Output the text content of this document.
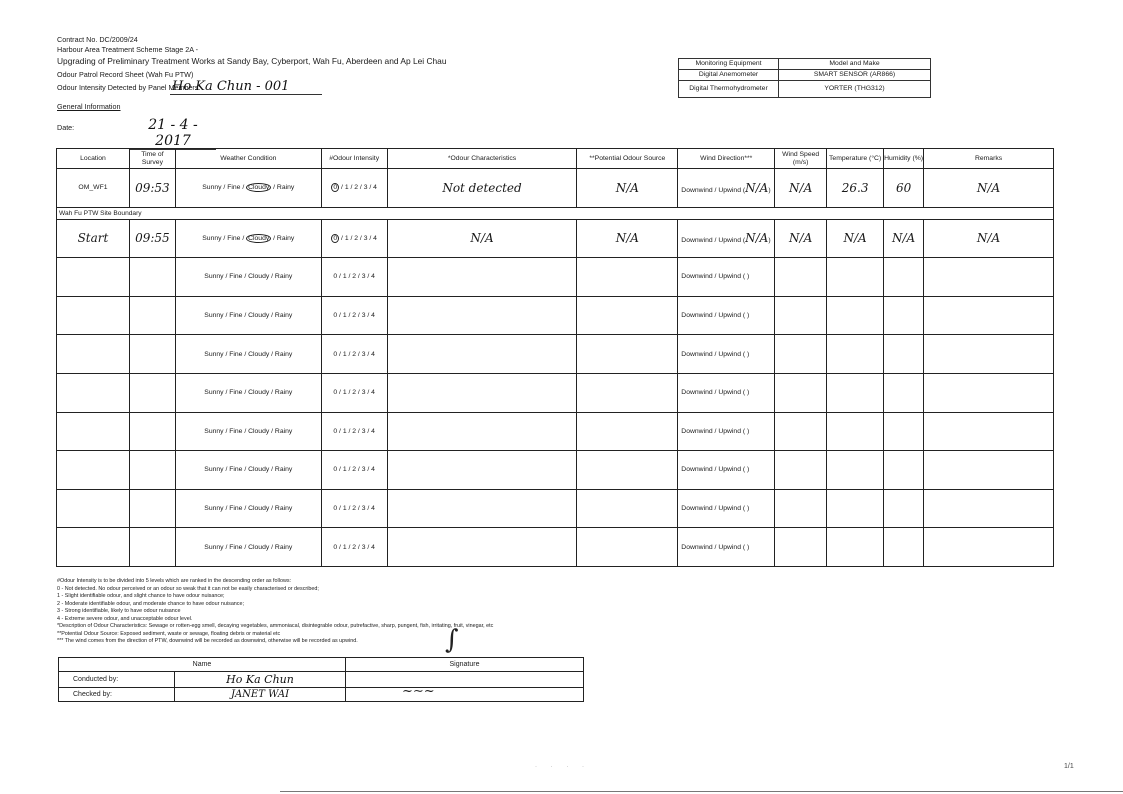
Contract No. DC/2009/24
Harbour Area Treatment Scheme Stage 2A -
Upgrading of Preliminary Treatment Works at Sandy Bay, Cyberport, Wah Fu, Aberdeen and Ap Lei Chau
Odour Patrol Record Sheet (Wah Fu PTW)
Odour Intensity Detected by Panel Members:
Ho Ka Chun - 001
General Information
Date:	21 - 4 - 2017
Monitoring Equipment	Model and Make
Digital Anemometer	SMART SENSOR (AR866)
Digital Thermohydrometer	YORTER (THG312)
Location	Time of Survey	Weather Condition	#Odour Intensity	*Odour Characteristics	**Potential Odour Source	Wind Direction***	Wind Speed (m/s)	Temperature (°C)	Humidity (%)	Remarks
OM_WF1	09:53	Sunny / Fine / Cloudy / Rainy	0 / 1 / 2 / 3 / 4	Not detected	N/A	Downwind / Upwind (N/A)	N/A	26.3	60	N/A
Wah Fu PTW Site Boundary										
Start	09:55	Sunny / Fine / Cloudy / Rainy	0 / 1 / 2 / 3 / 4	N/A	N/A	Downwind / Upwind (N/A)	N/A	N/A	N/A	N/A
		Sunny / Fine / Cloudy / Rainy	0 / 1 / 2 / 3 / 4			Downwind / Upwind ( )				
		Sunny / Fine / Cloudy / Rainy	0 / 1 / 2 / 3 / 4			Downwind / Upwind ( )				
		Sunny / Fine / Cloudy / Rainy	0 / 1 / 2 / 3 / 4			Downwind / Upwind ( )				
		Sunny / Fine / Cloudy / Rainy	0 / 1 / 2 / 3 / 4			Downwind / Upwind ( )				
		Sunny / Fine / Cloudy / Rainy	0 / 1 / 2 / 3 / 4			Downwind / Upwind ( )				
		Sunny / Fine / Cloudy / Rainy	0 / 1 / 2 / 3 / 4			Downwind / Upwind ( )				
		Sunny / Fine / Cloudy / Rainy	0 / 1 / 2 / 3 / 4			Downwind / Upwind ( )				
		Sunny / Fine / Cloudy / Rainy	0 / 1 / 2 / 3 / 4			Downwind / Upwind ( )				
#Odour Intensity is to be divided into 5 levels which are ranked in the descending order as follows:
0 - Not detected. No odour perceived or an odour so weak that it can not be easily characterised or described;
1 - Slight identifiable odour, and slight chance to have odour nuisance;
2 - Moderate identifiable odour, and moderate chance to have odour nuisance;
3 - Strong identifiable, likely to have odour nuisance
4 - Extreme severe odour, and unacceptable odour level.
*Description of Odour Characteristics: Sewage or rotten-egg smell, decaying vegetables, ammoniacal, disintegrable odour, putrefactive, sharp, pungent, fish, irritating, fruit, vinegar, etc
**Potential Odour Source: Exposed sediment, waste or sewage, floating debris or material etc
*** The wind comes from the direction of PTW, downwind will be recorded as downwind, otherwise will be recorded as upwind.
Name		Signature
Conducted by:	Ho Ka Chun	
Checked by:	JANET WAI	
∫
~∼~
· · · ·	1/1
